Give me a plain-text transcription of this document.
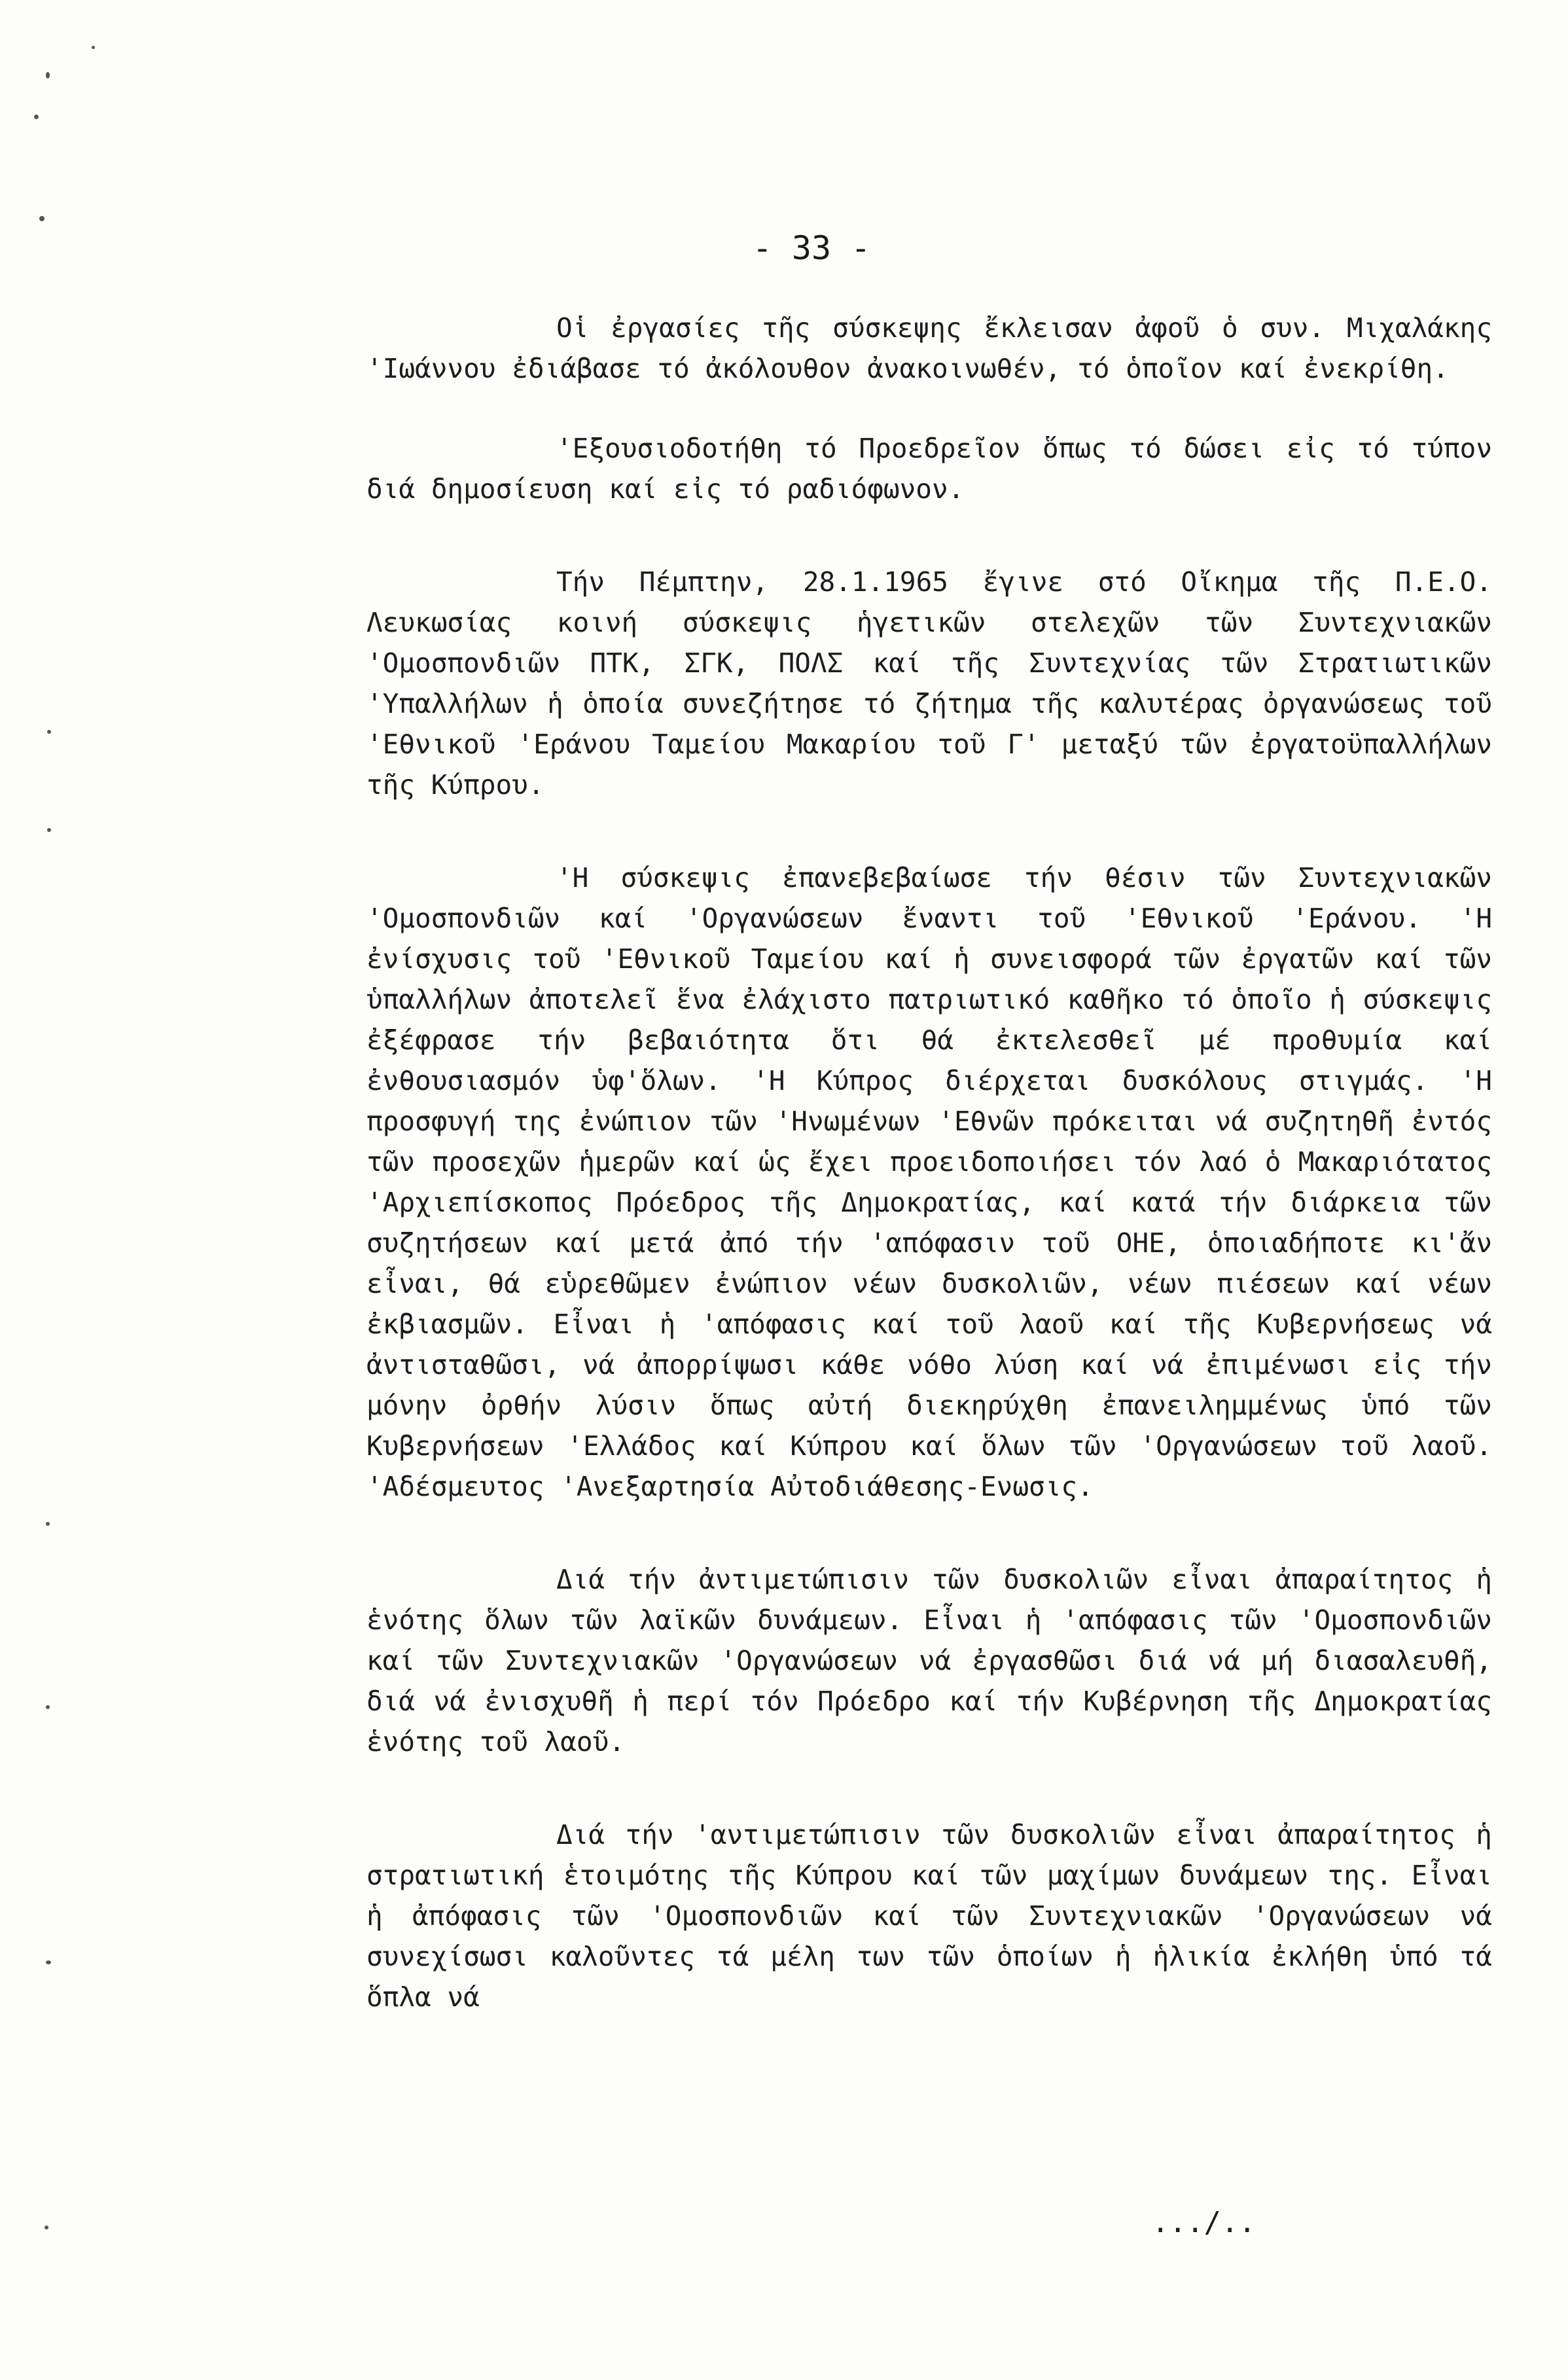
- 33 -

Οἱ ἐργασίες τῆς σύσκεψης ἔκλεισαν ἀφοῦ ὁ συν. Μιχαλάκης 'Ιωάννου ἐδιάβασε τό ἀκόλουθον ἀνακοινωθέν, τό ὁποῖον καί ἐνεκρίθη.

'Εξουσιοδοτήθη τό Προεδρεῖον ὅπως τό δώσει εἰς τό τύπον διά δημοσίευση καί εἰς τό ραδιόφωνον.

Τήν Πέμπτην, 28.1.1965 ἔγινε στό Οἴκημα τῆς Π.Ε.Ο. Λευκωσίας κοινή σύσκεψις ἡγετικῶν στελεχῶν τῶν Συντεχνιακῶν 'Ομοσπονδιῶν ΠΤΚ, ΣΓΚ, ΠΟΛΣ καί τῆς Συντεχνίας τῶν Στρατιωτικῶν 'Υπαλλήλων ἡ ὁποία συνεζήτησε τό ζήτημα τῆς καλυτέρας ὀργανώσεως τοῦ 'Εθνικοῦ 'Εράνου Ταμείου Μακαρίου τοῦ Γ' μεταξύ τῶν ἐργατοϋπαλλήλων τῆς Κύπρου.

'Η σύσκεψις ἐπανεβεβαίωσε τήν θέσιν τῶν Συντεχνιακῶν 'Ομοσπονδιῶν καί 'Οργανώσεων ἔναντι τοῦ 'Εθνικοῦ 'Εράνου. 'Η ἐνίσχυσις τοῦ 'Εθνικοῦ Ταμείου καί ἡ συνεισφορά τῶν ἐργατῶν καί τῶν ὑπαλλήλων ἀποτελεῖ ἕνα ἐλάχιστο πατριωτικό καθῆκο τό ὁποῖο ἡ σύσκεψις ἐξέφρασε τήν βεβαιότητα ὅτι θά ἐκτελεσθεῖ μέ προθυμία καί ἐνθουσιασμόν ὑφ'ὅλων. 'Η Κύπρος διέρχεται δυσκόλους στιγμάς. 'Η προσφυγή της ἐνώπιον τῶν 'Ηνωμένων 'Εθνῶν πρόκειται νά συζητηθῆ ἐντός τῶν προσεχῶν ἡμερῶν καί ὡς ἔχει προειδοποιήσει τόν λαό ὁ Μακαριότατος 'Αρχιεπίσκοπος Πρόεδρος τῆς Δημοκρατίας, καί κατά τήν διάρκεια τῶν συζητήσεων καί μετά ἀπό τήν 'απόφασιν τοῦ ΟΗΕ, ὁποιαδήποτε κι'ἄν εἶναι, θά εὑρεθῶμεν ἐνώπιον νέων δυσκολιῶν, νέων πιέσεων καί νέων ἐκβιασμῶν. Εἶναι ἡ 'απόφασις καί τοῦ λαοῦ καί τῆς Κυβερνήσεως νά ἀντισταθῶσι, νά ἀπορρίψωσι κάθε νόθο λύση καί νά ἐπιμένωσι εἰς τήν μόνην ὀρθήν λύσιν ὅπως αὐτή διεκηρύχθη ἐπανειλημμένως ὑπό τῶν Κυβερνήσεων 'Ελλάδος καί Κύπρου καί ὅλων τῶν 'Οργανώσεων τοῦ λαοῦ. 'Αδέσμευτος 'Ανεξαρτησία Αὐτοδιάθεσης-Ενωσις.

Διά τήν ἀντιμετώπισιν τῶν δυσκολιῶν εἶναι ἀπαραίτητος ἡ ἑνότης ὅλων τῶν λαϊκῶν δυνάμεων. Εἶναι ἡ 'απόφασις τῶν 'Ομοσπονδιῶν καί τῶν Συντεχνιακῶν 'Οργανώσεων νά ἐργασθῶσι διά νά μή διασαλευθῆ, διά νά ἐνισχυθῆ ἡ περί τόν Πρόεδρο καί τήν Κυβέρνηση τῆς Δημοκρατίας ἑνότης τοῦ λαοῦ.

Διά τήν 'αντιμετώπισιν τῶν δυσκολιῶν εἶναι ἀπαραίτητος ἡ στρατιωτική ἑτοιμότης τῆς Κύπρου καί τῶν μαχίμων δυνάμεων της. Εἶναι ἡ ἀπόφασις τῶν 'Ομοσπονδιῶν καί τῶν Συντεχνιακῶν 'Οργανώσεων νά συνεχίσωσι καλοῦντες τά μέλη των τῶν ὁποίων ἡ ἡλικία ἐκλήθη ὑπό τά ὅπλα νά

.../..
